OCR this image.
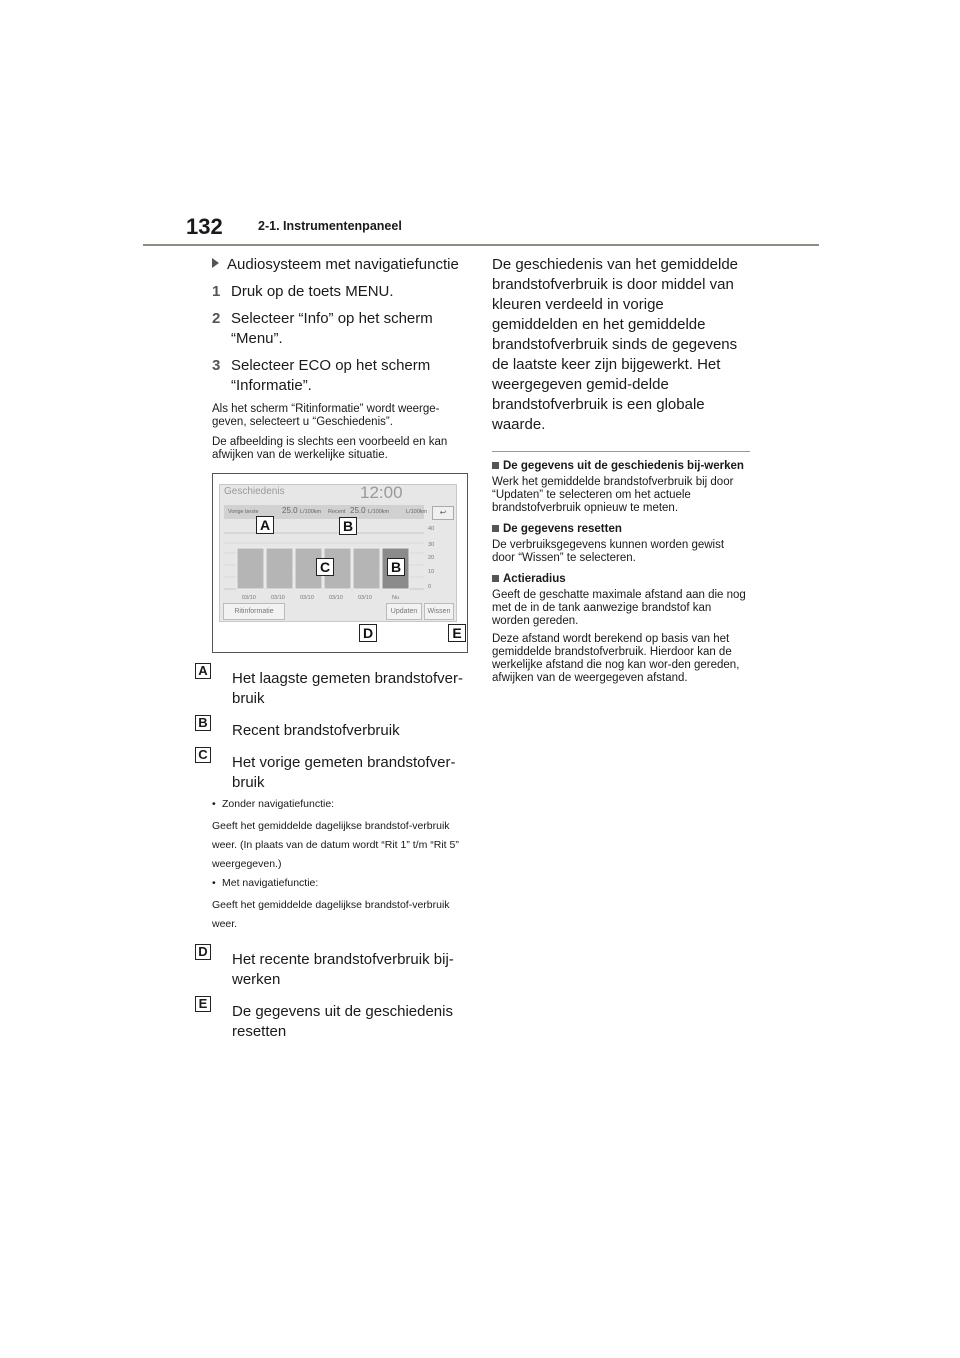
132	2-1. Instrumentenpaneel
Audiosysteem met navigatiefunctie
1 Druk op de toets MENU.
2 Selecteer “Info” op het scherm “Menu”.
3 Selecteer ECO op het scherm “Informatie”.
Als het scherm “Ritinformatie” wordt weerge-geven, selecteert u “Geschiedenis”.
De afbeelding is slechts een voorbeeld en kan afwijken van de werkelijke situatie.
Geschiedenis	12:00
Vorige beste	25.0 L/100km Recent 25.0 L/100km	L/100km	↩
40
30
20
10
0
03/10	03/10	03/10	03/10	03/10	Nu
Ritinformatie	Updaten	Wissen
A	B
C	B
D	E
A Het laagste gemeten brandstofver-bruik
B Recent brandstofverbruik
C Het vorige gemeten brandstofver-bruik
• Zonder navigatiefunctie:
Geeft het gemiddelde dagelijkse brandstof-verbruik weer. (In plaats van de datum wordt “Rit 1” t/m “Rit 5” weergegeven.)
• Met navigatiefunctie:
Geeft het gemiddelde dagelijkse brandstof-verbruik weer.
D Het recente brandstofverbruik bij-werken
E De gegevens uit de geschiedenis resetten
De geschiedenis van het gemiddelde brandstofverbruik is door middel van kleuren verdeeld in vorige gemiddelden en het gemiddelde brandstofverbruik sinds de gegevens de laatste keer zijn bijgewerkt. Het weergegeven gemid-delde brandstofverbruik is een globale waarde.
De gegevens uit de geschiedenis bij-werken
Werk het gemiddelde brandstofverbruik bij door “Updaten” te selecteren om het actuele brandstofverbruik opnieuw te meten.
De gegevens resetten
De verbruiksgegevens kunnen worden gewist door “Wissen” te selecteren.
Actieradius
Geeft de geschatte maximale afstand aan die nog met de in de tank aanwezige brandstof kan worden gereden.
Deze afstand wordt berekend op basis van het gemiddelde brandstofverbruik. Hierdoor kan de werkelijke afstand die nog kan wor-den gereden, afwijken van de weergegeven afstand.
